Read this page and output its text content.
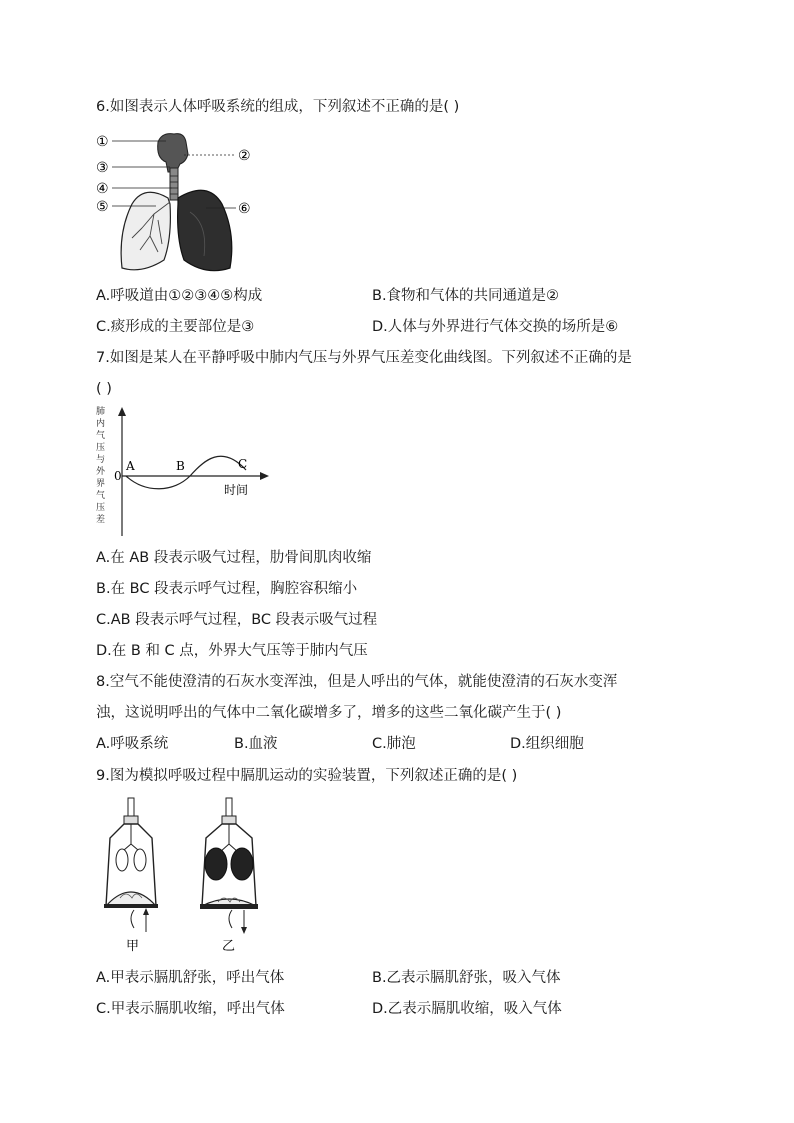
6.如图表示人体呼吸系统的组成，下列叙述不正确的是( )
①
②
③
④
⑤	⑥
A.呼吸道由①②③④⑤构成	B.食物和气体的共同通道是②
C.痰形成的主要部位是③	D.人体与外界进行气体交换的场所是⑥
7.如图是某人在平静呼吸中肺内气压与外界气压差变化曲线图。下列叙述不正确的是
( )
肺
内
气
压
与
外
界
气
压
差
0
A	B	C
时间
A.在 AB 段表示吸气过程，肋骨间肌肉收缩
B.在 BC 段表示呼气过程，胸腔容积缩小
C.AB 段表示呼气过程，BC 段表示吸气过程
D.在 B 和 C 点，外界大气压等于肺内气压
8.空气不能使澄清的石灰水变浑浊，但是人呼出的气体，就能使澄清的石灰水变浑
浊，这说明呼出的气体中二氧化碳增多了，增多的这些二氧化碳产生于( )
A.呼吸系统	B.血液	C.肺泡	D.组织细胞
9.图为模拟呼吸过程中膈肌运动的实验装置，下列叙述正确的是( )
甲	乙
A.甲表示膈肌舒张，呼出气体	B.乙表示膈肌舒张，吸入气体
C.甲表示膈肌收缩，呼出气体	D.乙表示膈肌收缩，吸入气体
